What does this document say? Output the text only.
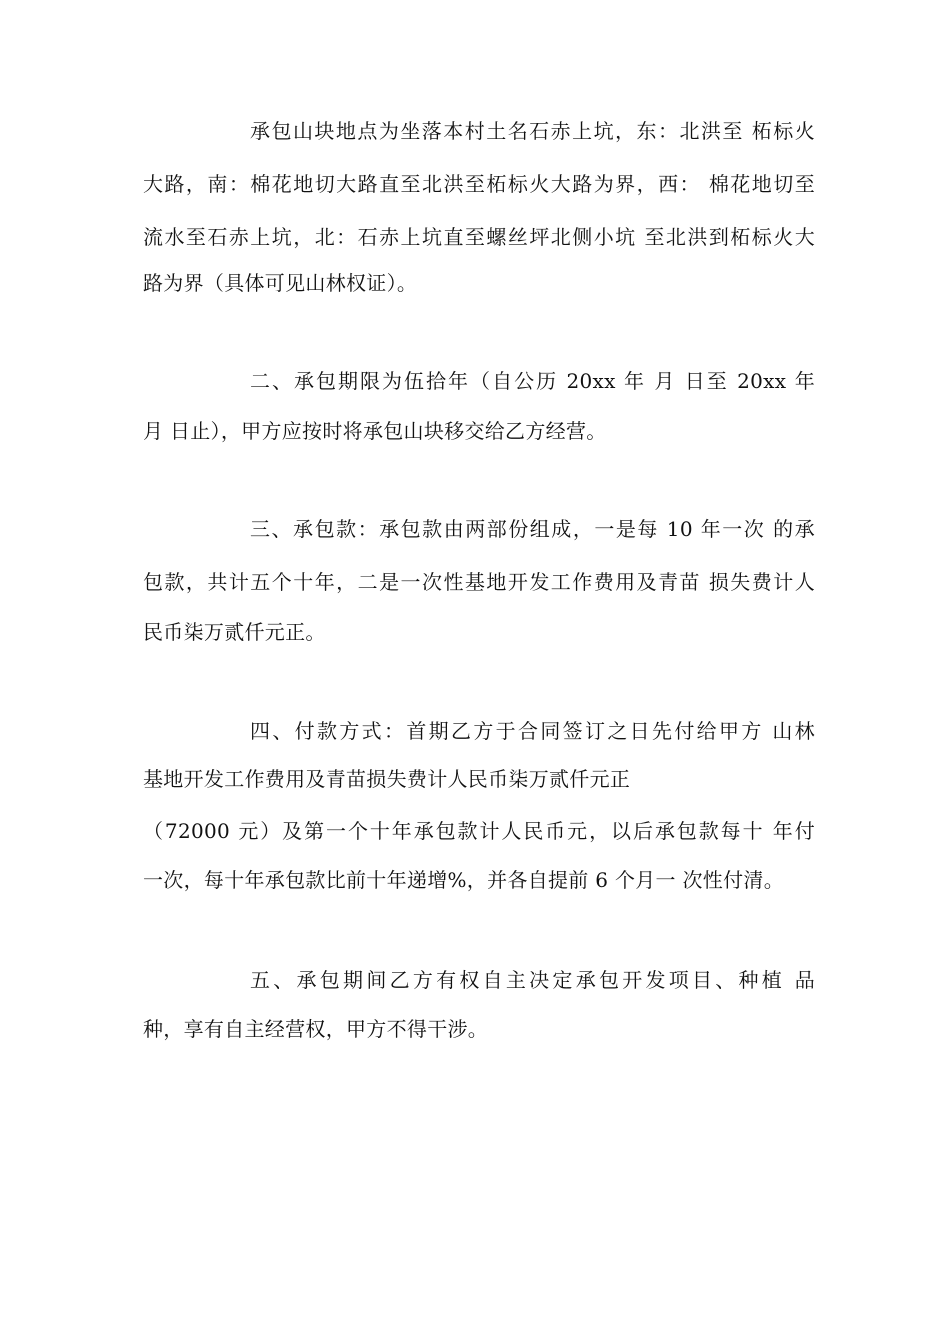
承包山块地点为坐落本村土名石赤上坑，东：北洪至 柘标火
大路，南：棉花地切大路直至北洪至柘标火大路为界，西： 棉花地切至
流水至石赤上坑，北：石赤上坑直至螺丝坪北侧小坑 至北洪到柘标火大
路为界（具体可见山林权证）。
二、承包期限为伍拾年（自公历 20xx 年 月 日至 20xx 年
月 日止），甲方应按时将承包山块移交给乙方经营。
三、承包款：承包款由两部份组成，一是每 10 年一次 的承
包款，共计五个十年，二是一次性基地开发工作费用及青苗 损失费计人
民币柒万贰仟元正。
四、付款方式：首期乙方于合同签订之日先付给甲方 山林
基地开发工作费用及青苗损失费计人民币柒万贰仟元正
（72000 元）及第一个十年承包款计人民币元，以后承包款每十 年付
一次，每十年承包款比前十年递增%，并各自提前 6 个月一 次性付清。
五、承包期间乙方有权自主决定承包开发项目、种植 品
种，享有自主经营权，甲方不得干涉。
